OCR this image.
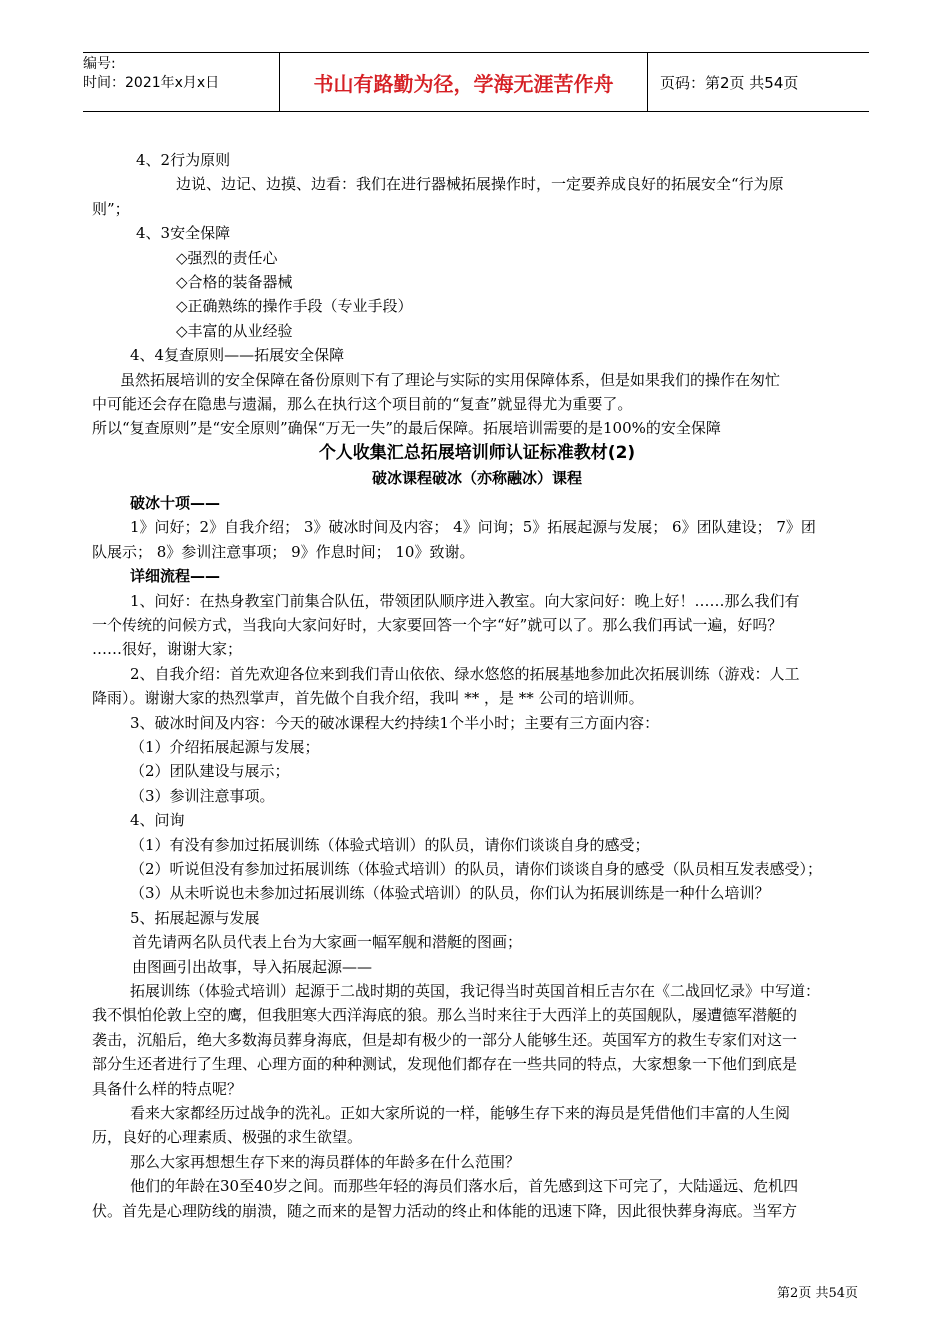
编号:
时间：2021年x月x日	书山有路勤为径，学海无涯苦作舟	页码：第2页 共54页

4、2行为原则

边说、边记、边摸、边看：我们在进行器械拓展操作时，一定要养成良好的拓展安全“行为原

则”；

4、3安全保障

◇强烈的责任心

◇合格的装备器械

◇正确熟练的操作手段（专业手段）

◇丰富的从业经验

4、4复查原则——拓展安全保障

虽然拓展培训的安全保障在备份原则下有了理论与实际的实用保障体系，但是如果我们的操作在匆忙

中可能还会存在隐患与遗漏，那么在执行这个项目前的“复查”就显得尤为重要了。

所以“复查原则”是“安全原则”确保“万无一失”的最后保障。拓展培训需要的是100%的安全保障

个人收集汇总拓展培训师认证标准教材(2)

破冰课程破冰（亦称融冰）课程

破冰十项——

1》问好；2》自我介绍； 3》破冰时间及内容； 4》问询；5》拓展起源与发展； 6》团队建设； 7》团

队展示； 8》参训注意事项； 9》作息时间； 10》致谢。

详细流程——

1、问好：在热身教室门前集合队伍，带领团队顺序进入教室。向大家问好：晚上好！……那么我们有

一个传统的问候方式，当我向大家问好时，大家要回答一个字“好”就可以了。那么我们再试一遍，好吗？

……很好，谢谢大家；

2、自我介绍：首先欢迎各位来到我们青山依依、绿水悠悠的拓展基地参加此次拓展训练（游戏：人工

降雨）。谢谢大家的热烈掌声，首先做个自我介绍，我叫 ** ，是 ** 公司的培训师。

3、破冰时间及内容：今天的破冰课程大约持续1个半小时；主要有三方面内容：

（1）介绍拓展起源与发展；

（2）团队建设与展示；

（3）参训注意事项。

4、问询

（1）有没有参加过拓展训练（体验式培训）的队员，请你们谈谈自身的感受；

（2）听说但没有参加过拓展训练（体验式培训）的队员，请你们谈谈自身的感受（队员相互发表感受）；

（3）从未听说也未参加过拓展训练（体验式培训）的队员，你们认为拓展训练是一种什么培训？

5、拓展起源与发展

首先请两名队员代表上台为大家画一幅军舰和潜艇的图画；

由图画引出故事，导入拓展起源——

拓展训练（体验式培训）起源于二战时期的英国，我记得当时英国首相丘吉尔在《二战回忆录》中写道：

我不惧怕伦敦上空的鹰，但我胆寒大西洋海底的狼。那么当时来往于大西洋上的英国舰队，屡遭德军潜艇的

袭击，沉船后，绝大多数海员葬身海底，但是却有极少的一部分人能够生还。英国军方的救生专家们对这一

部分生还者进行了生理、心理方面的种种测试，发现他们都存在一些共同的特点，大家想象一下他们到底是

具备什么样的特点呢？

看来大家都经历过战争的洗礼。正如大家所说的一样，能够生存下来的海员是凭借他们丰富的人生阅

历，良好的心理素质、极强的求生欲望。

那么大家再想想生存下来的海员群体的年龄多在什么范围？

他们的年龄在30至40岁之间。而那些年轻的海员们落水后，首先感到这下可完了，大陆遥远、危机四

伏。首先是心理防线的崩溃，随之而来的是智力活动的终止和体能的迅速下降，因此很快葬身海底。当军方

第2页 共54页
